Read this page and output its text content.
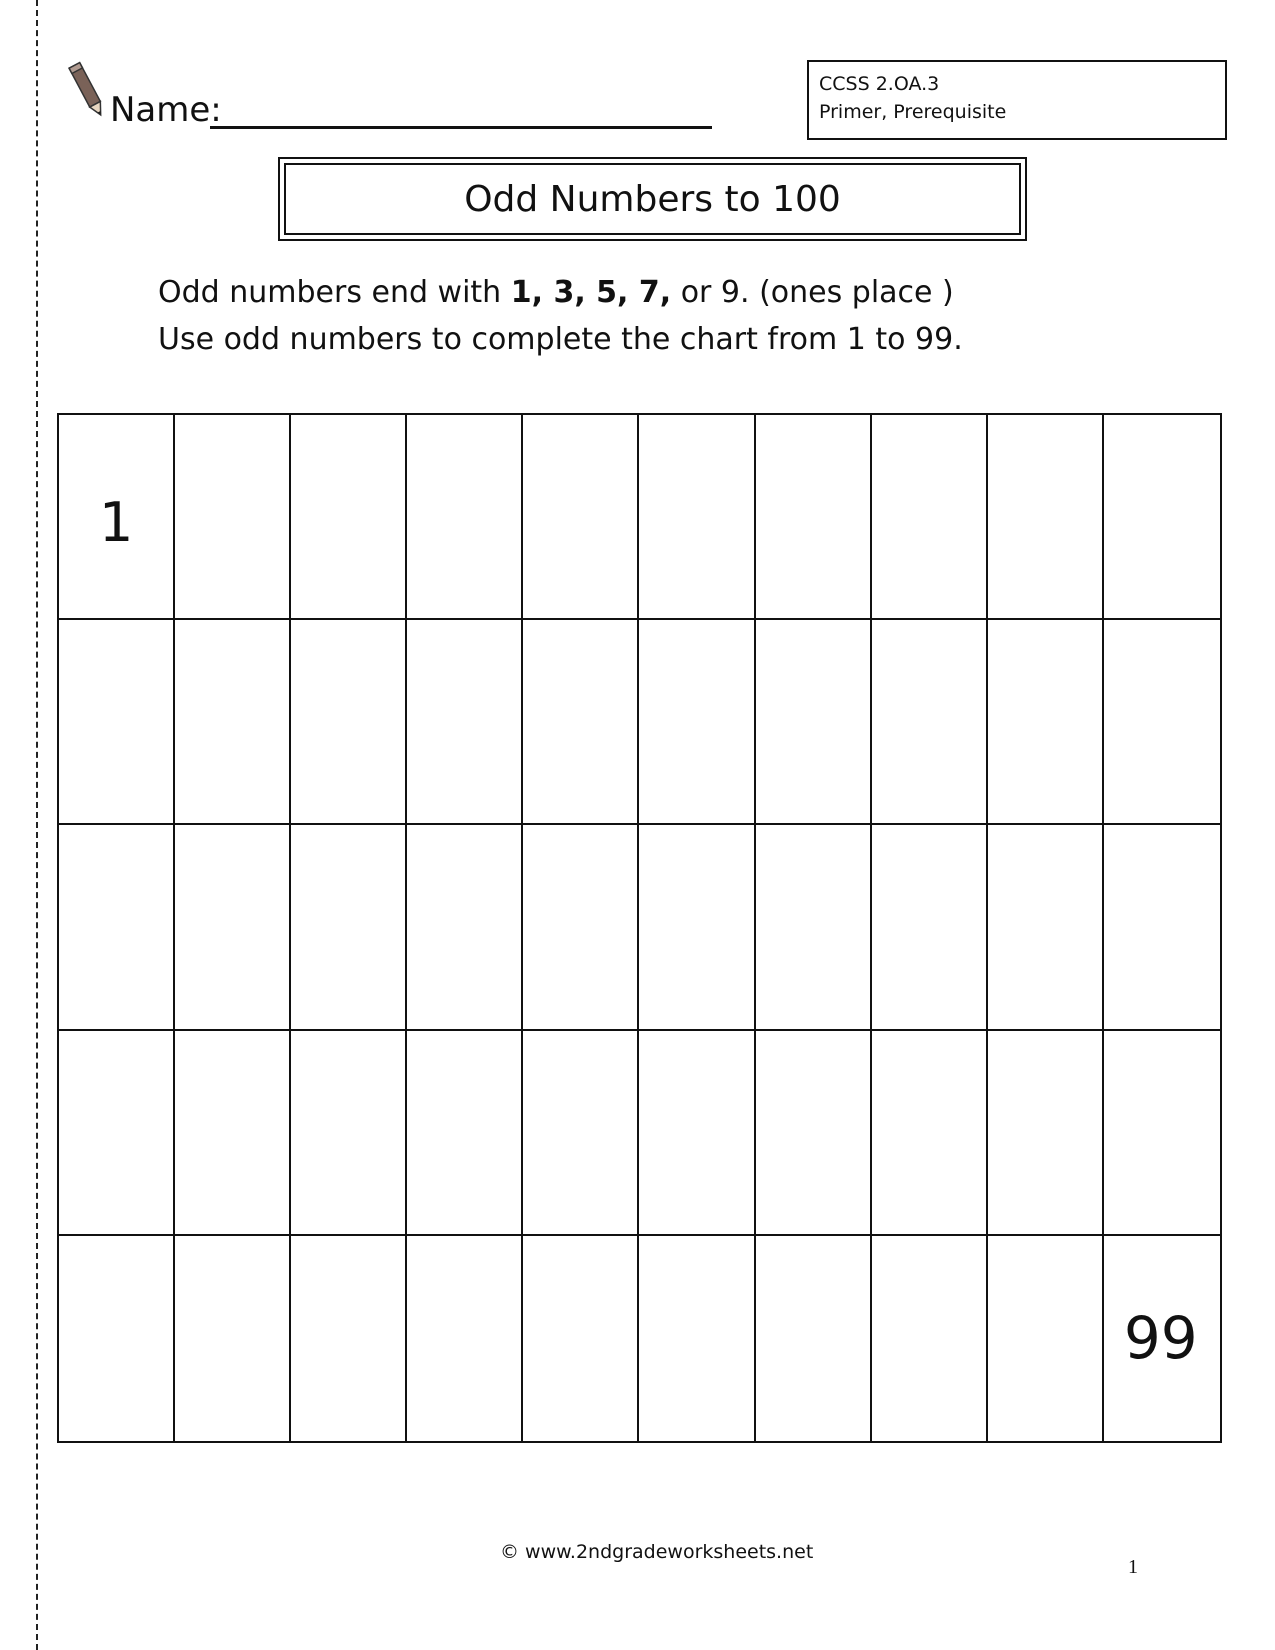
Name:
CCSS 2.OA.3
Primer, Prerequisite
Odd Numbers to 100
Odd numbers end with 1, 3, 5, 7, or 9. (ones place )
Use odd numbers to complete the chart from 1 to 99.
1
99
© www.2ndgradeworksheets.net
1
